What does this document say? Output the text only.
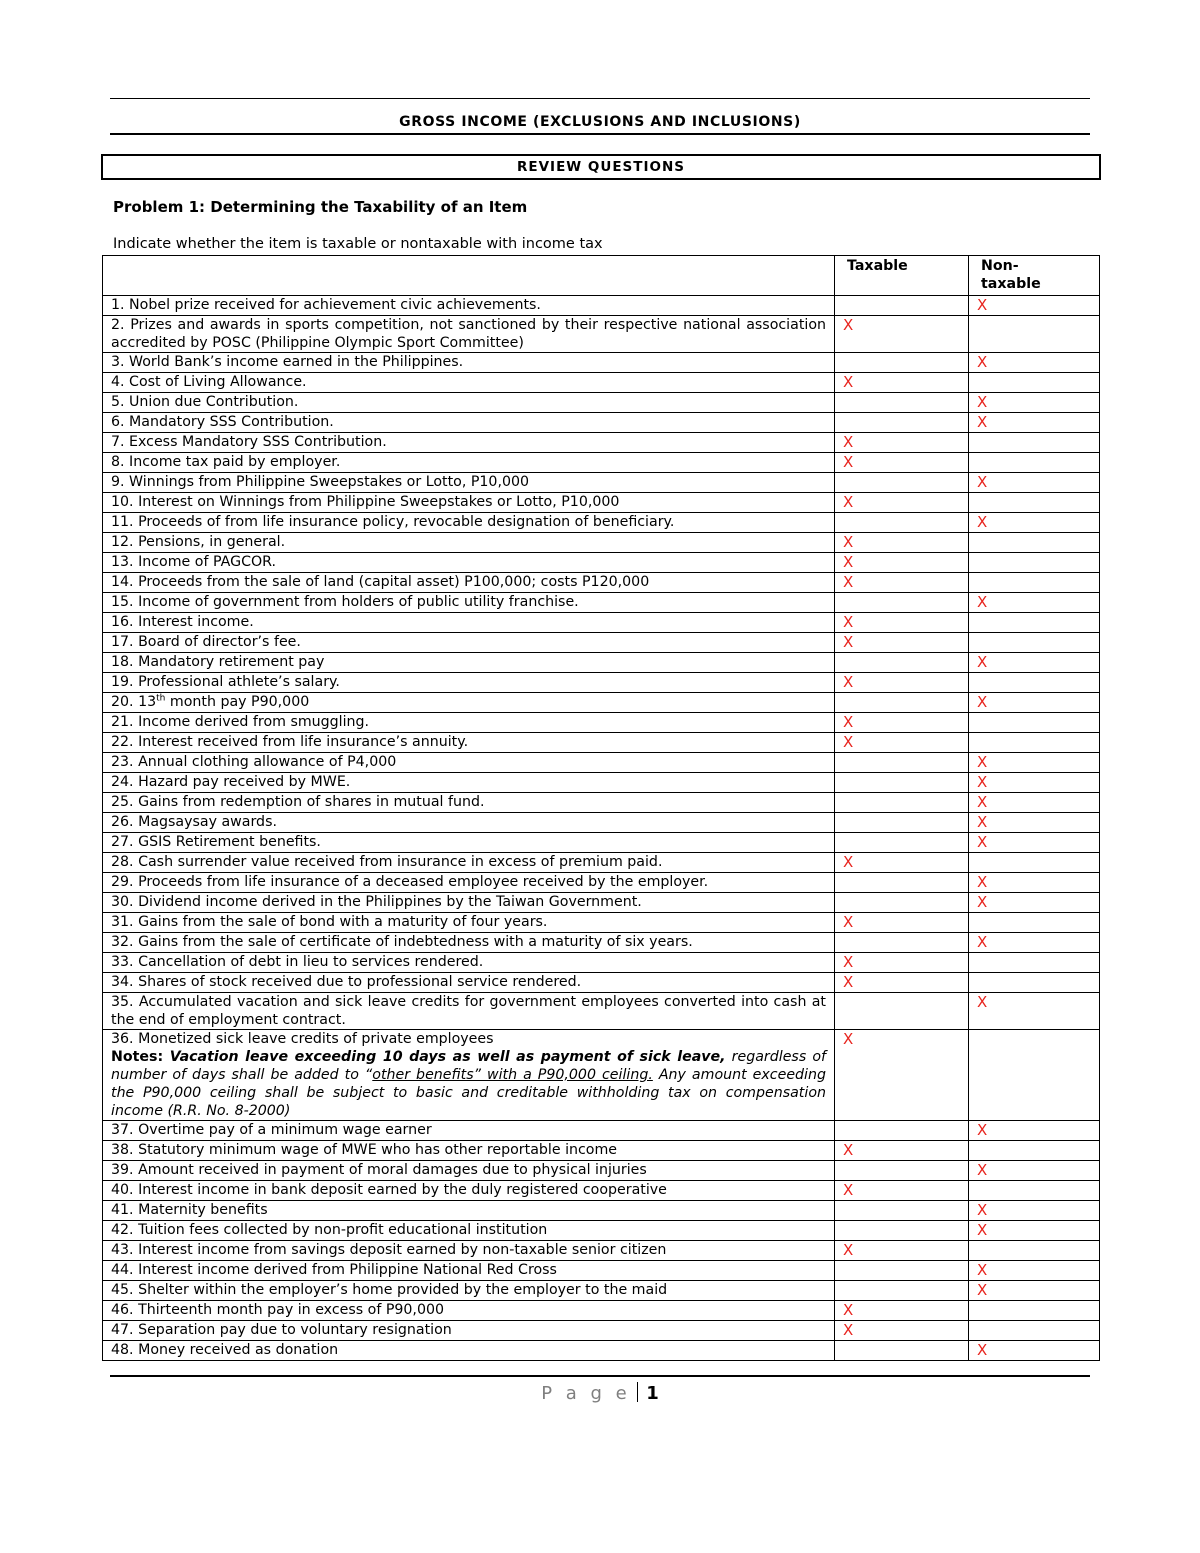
GROSS INCOME (EXCLUSIONS AND INCLUSIONS)
REVIEW QUESTIONS
Problem 1: Determining the Taxability of an Item
Indicate whether the item is taxable or nontaxable with income tax
	Taxable	Non-
taxable
1. Nobel prize received for achievement civic achievements.		X
2. Prizes and awards in sports competition, not sanctioned by their respective national association accredited by POSC (Philippine Olympic Sport Committee)	X	
3. World Bank’s income earned in the Philippines.		X
4. Cost of Living Allowance.	X	
5. Union due Contribution.		X
6. Mandatory SSS Contribution.		X
7. Excess Mandatory SSS Contribution.	X	
8. Income tax paid by employer.	X	
9. Winnings from Philippine Sweepstakes or Lotto, P10,000		X
10. Interest on Winnings from Philippine Sweepstakes or Lotto, P10,000	X	
11. Proceeds of from life insurance policy, revocable designation of beneficiary.		X
12. Pensions, in general.	X	
13. Income of PAGCOR.	X	
14. Proceeds from the sale of land (capital asset) P100,000; costs P120,000	X	
15. Income of government from holders of public utility franchise.		X
16. Interest income.	X	
17. Board of director’s fee.	X	
18. Mandatory retirement pay		X
19. Professional athlete’s salary.	X	
20. 13th month pay P90,000		X
21. Income derived from smuggling.	X	
22. Interest received from life insurance’s annuity.	X	
23. Annual clothing allowance of P4,000		X
24. Hazard pay received by MWE.		X
25. Gains from redemption of shares in mutual fund.		X
26. Magsaysay awards.		X
27. GSIS Retirement benefits.		X
28. Cash surrender value received from insurance in excess of premium paid.	X	
29. Proceeds from life insurance of a deceased employee received by the employer.		X
30. Dividend income derived in the Philippines by the Taiwan Government.		X
31. Gains from the sale of bond with a maturity of four years.	X	
32. Gains from the sale of certificate of indebtedness with a maturity of six years.		X
33. Cancellation of debt in lieu to services rendered.	X	
34. Shares of stock received due to professional service rendered.	X	
35. Accumulated vacation and sick leave credits for government employees converted into cash at the end of employment contract.		X
36. Monetized sick leave credits of private employees
Notes: Vacation leave exceeding 10 days as well as payment of sick leave, regardless of number of days shall be added to “other benefits” with a P90,000 ceiling. Any amount exceeding the P90,000 ceiling shall be subject to basic and creditable withholding tax on compensation income (R.R. No. 8-2000)	X	
37. Overtime pay of a minimum wage earner		X
38. Statutory minimum wage of MWE who has other reportable income	X	
39. Amount received in payment of moral damages due to physical injuries		X
40. Interest income in bank deposit earned by the duly registered cooperative	X	
41. Maternity benefits		X
42. Tuition fees collected by non-profit educational institution		X
43. Interest income from savings deposit earned by non-taxable senior citizen	X	
44. Interest income derived from Philippine National Red Cross		X
45. Shelter within the employer’s home provided by the employer to the maid		X
46. Thirteenth month pay in excess of P90,000	X	
47. Separation pay due to voluntary resignation	X	
48. Money received as donation		X
P a g e 1
